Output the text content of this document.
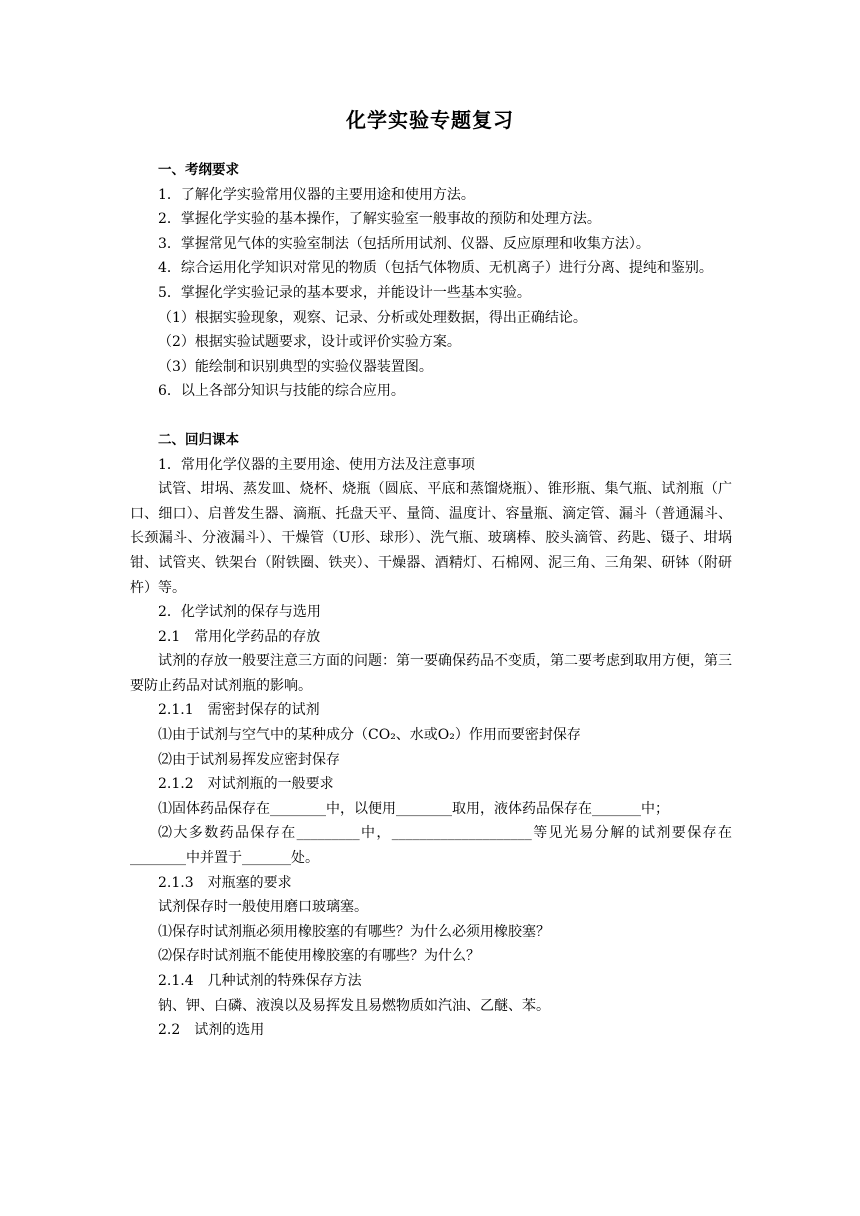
化学实验专题复习

一、考纲要求

1．了解化学实验常用仪器的主要用途和使用方法。

2．掌握化学实验的基本操作，了解实验室一般事故的预防和处理方法。

3．掌握常见气体的实验室制法（包括所用试剂、仪器、反应原理和收集方法）。

4．综合运用化学知识对常见的物质（包括气体物质、无机离子）进行分离、提纯和鉴别。

5．掌握化学实验记录的基本要求，并能设计一些基本实验。

（1）根据实验现象，观察、记录、分析或处理数据，得出正确结论。

（2）根据实验试题要求，设计或评价实验方案。

（3）能绘制和识别典型的实验仪器装置图。

6．以上各部分知识与技能的综合应用。

二、回归课本

1．常用化学仪器的主要用途、使用方法及注意事项

试管、坩埚、蒸发皿、烧杯、烧瓶（圆底、平底和蒸馏烧瓶）、锥形瓶、集气瓶、试剂瓶（广口、细口）、启普发生器、滴瓶、托盘天平、量筒、温度计、容量瓶、滴定管、漏斗（普通漏斗、长颈漏斗、分液漏斗）、干燥管（U形、球形）、洗气瓶、玻璃棒、胶头滴管、药匙、镊子、坩埚钳、试管夹、铁架台（附铁圈、铁夹）、干燥器、酒精灯、石棉网、泥三角、三角架、研钵（附研杵）等。

2．化学试剂的保存与选用

2.1　常用化学药品的存放

试剂的存放一般要注意三方面的问题：第一要确保药品不变质，第二要考虑到取用方便，第三要防止药品对试剂瓶的影响。

2.1.1　需密封保存的试剂

⑴由于试剂与空气中的某种成分（CO₂、水或O₂）作用而要密封保存

⑵由于试剂易挥发应密封保存

2.1.2　对试剂瓶的一般要求

⑴固体药品保存在________中，以便用________取用，液体药品保存在_______中；

⑵大多数药品保存在_________中，____________________等见光易分解的试剂要保存在________中并置于_______处。

2.1.3　对瓶塞的要求

试剂保存时一般使用磨口玻璃塞。

⑴保存时试剂瓶必须用橡胶塞的有哪些？为什么必须用橡胶塞？

⑵保存时试剂瓶不能使用橡胶塞的有哪些？为什么？

2.1.4　几种试剂的特殊保存方法

钠、钾、白磷、液溴以及易挥发且易燃物质如汽油、乙醚、苯。

2.2　试剂的选用
